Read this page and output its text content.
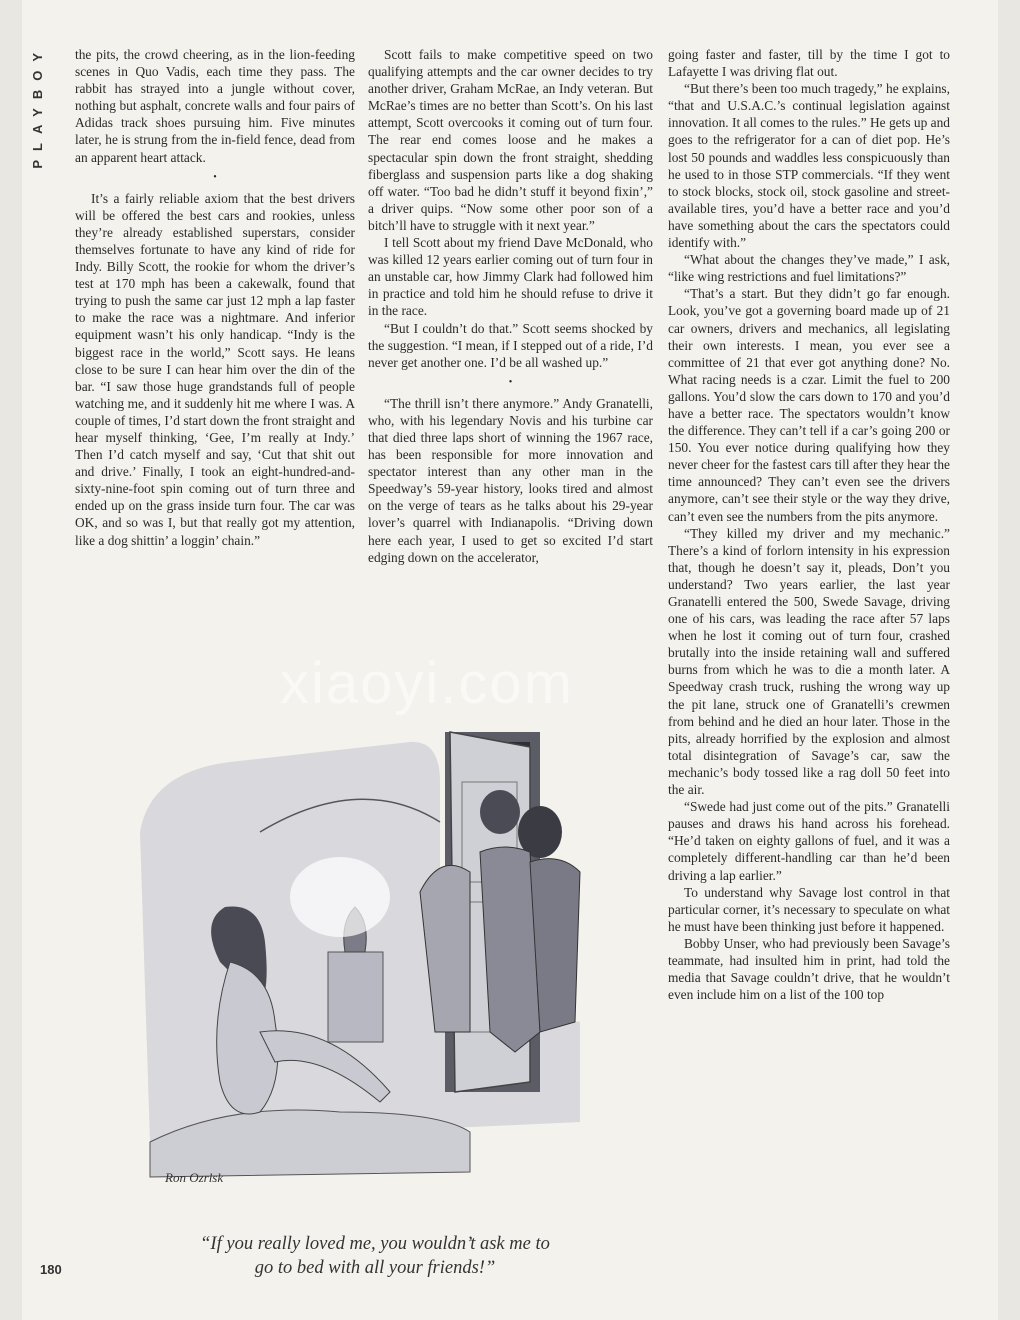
PLAYBOY	the pits, the crowd cheering, as in the lion-feeding scenes in Quo Vadis, each time they pass. The rabbit has strayed into a jungle without cover, nothing but asphalt, concrete walls and four pairs of Adidas track shoes pursuing him. Five minutes later, he is strung from the in-field fence, dead from an apparent heart attack.

•

It’s a fairly reliable axiom that the best drivers will be offered the best cars and rookies, unless they’re already established superstars, consider themselves fortunate to have any kind of ride for Indy. Billy Scott, the rookie for whom the driver’s test at 170 mph has been a cakewalk, found that trying to push the same car just 12 mph a lap faster to make the race was a nightmare. And inferior equipment wasn’t his only handicap. “Indy is the biggest race in the world,” Scott says. He leans close to be sure I can hear him over the din of the bar. “I saw those huge grandstands full of people watching me, and it suddenly hit me where I was. A couple of times, I’d start down the front straight and hear myself thinking, ‘Gee, I’m really at Indy.’ Then I’d catch myself and say, ‘Cut that shit out and drive.’ Finally, I took an eight-hundred-and-sixty-nine-foot spin coming out of turn three and ended up on the grass inside turn four. The car was OK, and so was I, but that really got my attention, like a dog shittin’ a loggin’ chain.”

Scott fails to make competitive speed on two qualifying attempts and the car owner decides to try another driver, Graham McRae, an Indy veteran. But McRae’s times are no better than Scott’s. On his last attempt, Scott overcooks it coming out of turn four. The rear end comes loose and he makes a spectacular spin down the front straight, shedding fiberglass and suspension parts like a dog shaking off water. “Too bad he didn’t stuff it beyond fixin’,” a driver quips. “Now some other poor son of a bitch’ll have to struggle with it next year.”

I tell Scott about my friend Dave McDonald, who was killed 12 years earlier coming out of turn four in an unstable car, how Jimmy Clark had followed him in practice and told him he should refuse to drive it in the race.

“But I couldn’t do that.” Scott seems shocked by the suggestion. “I mean, if I stepped out of a ride, I’d never get another one. I’d be all washed up.”

•

“The thrill isn’t there anymore.” Andy Granatelli, who, with his legendary Novis and his turbine car that died three laps short of winning the 1967 race, has been responsible for more innovation and spectator interest than any other man in the Speedway’s 59-year history, looks tired and almost on the verge of tears as he talks about his 29-year lover’s quarrel with Indianapolis. “Driving down here each year, I used to get so excited I’d start edging down on the accelerator,

going faster and faster, till by the time I got to Lafayette I was driving flat out.

“But there’s been too much tragedy,” he explains, “that and U.S.A.C.’s continual legislation against innovation. It all comes to the rules.” He gets up and goes to the refrigerator for a can of diet pop. He’s lost 50 pounds and waddles less conspicuously than he used to in those STP commercials. “If they went to stock blocks, stock oil, stock gasoline and street-available tires, you’d have a better race and you’d have something about the cars the spectators could identify with.”

“What about the changes they’ve made,” I ask, “like wing restrictions and fuel limitations?”

“That’s a start. But they didn’t go far enough. Look, you’ve got a governing board made up of 21 car owners, drivers and mechanics, all legislating their own interests. I mean, you ever see a committee of 21 that ever got anything done? No. What racing needs is a czar. Limit the fuel to 200 gallons. You’d slow the cars down to 170 and you’d have a better race. The spectators wouldn’t know the difference. They can’t tell if a car’s going 200 or 150. You ever notice during qualifying how they never cheer for the fastest cars till after they hear the time announced? They can’t even see the drivers anymore, can’t see their style or the way they drive, can’t even see the numbers from the pits anymore.

“They killed my driver and my mechanic.” There’s a kind of forlorn intensity in his expression that, though he doesn’t say it, pleads, Don’t you understand? Two years earlier, the last year Granatelli entered the 500, Swede Savage, driving one of his cars, was leading the race after 57 laps when he lost it coming out of turn four, crashed brutally into the inside retaining wall and suffered burns from which he was to die a month later. A Speedway crash truck, rushing the wrong way up the pit lane, struck one of Granatelli’s crewmen from behind and he died an hour later. Those in the pits, already horrified by the explosion and almost total disintegration of Savage’s car, saw the mechanic’s body tossed like a rag doll 50 feet into the air.

“Swede had just come out of the pits.” Granatelli pauses and draws his hand across his forehead. “He’d taken on eighty gallons of fuel, and it was a completely different-handling car than he’d been driving a lap earlier.”

To understand why Savage lost control in that particular corner, it’s necessary to speculate on what he must have been thinking just before it happened.

Bobby Unser, who had previously been Savage’s teammate, had insulted him in print, had told the media that Savage couldn’t drive, that he wouldn’t even include him on a list of the 100 top

xiaoyi.com
Ron Ozrlsk
“If you really loved me, you wouldn’t ask me to
go to bed with all your friends!”
180
